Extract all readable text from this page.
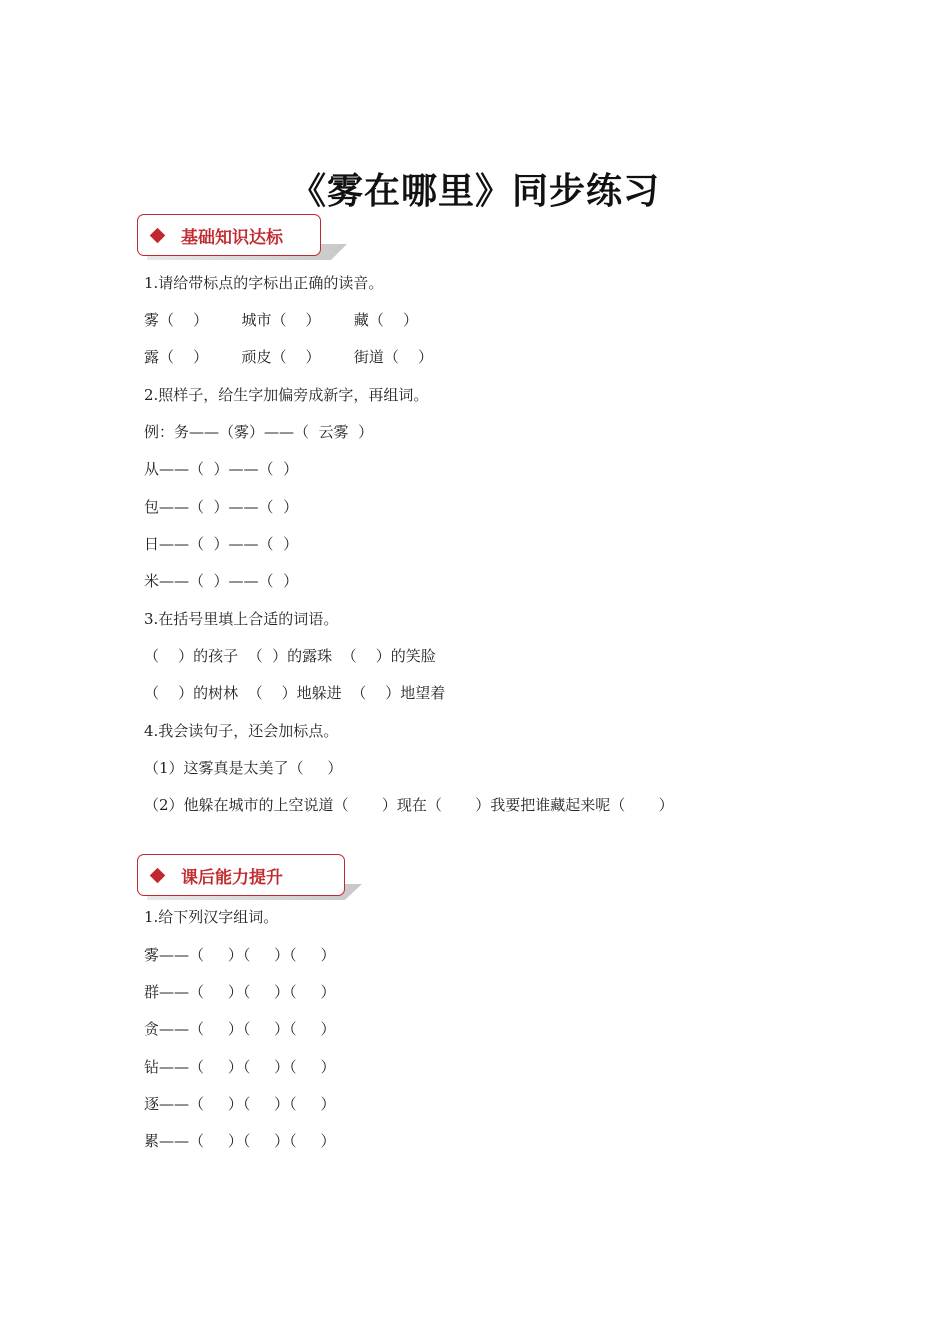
《雾在哪里》同步练习
基础知识达标
1.请给带标点的字标出正确的读音。
雾（    ）       城市（    ）       藏（    ）
露（    ）       顽皮（    ）       街道（    ）
2.照样子，给生字加偏旁成新字，再组词。
例：务——（雾）——（  云雾  ）
从——（  ）——（  ）
包——（  ）——（  ）
日——（  ）——（  ）
米——（  ）——（  ）
3.在括号里填上合适的词语。
（    ）的孩子  （  ）的露珠  （    ）的笑脸
（    ）的树林  （    ）地躲进  （    ）地望着
4.我会读句子，还会加标点。
（1）这雾真是太美了（     ）
（2）他躲在城市的上空说道（       ）现在（       ）我要把谁藏起来呢（       ）
课后能力提升
1.给下列汉字组词。
雾——（     ）（     ）（     ）
群——（     ）（     ）（     ）
贪——（     ）（     ）（     ）
钻——（     ）（     ）（     ）
逐——（     ）（     ）（     ）
累——（     ）（     ）（     ）
